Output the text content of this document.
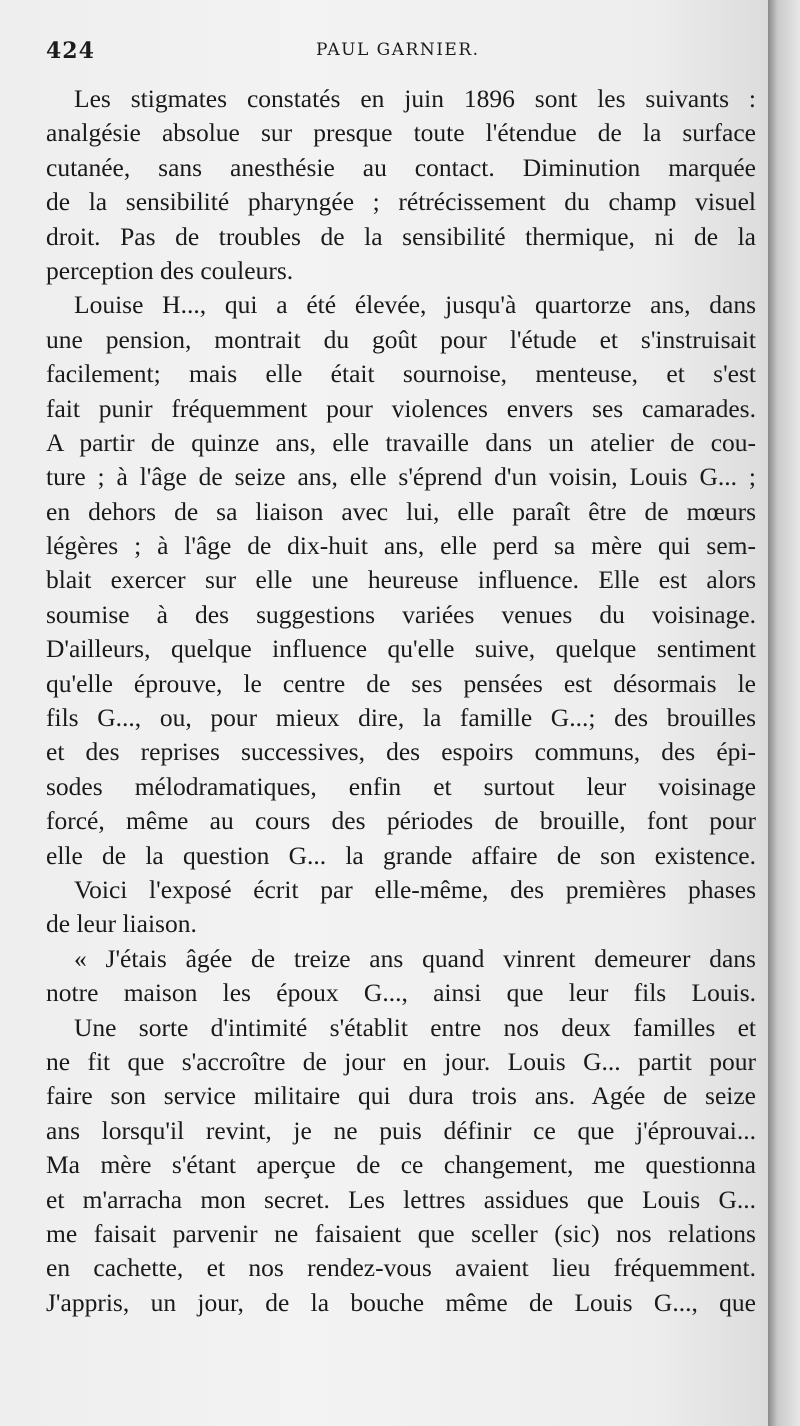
424	PAUL GARNIER.
Les stigmates constatés en juin 1896 sont les suivants :
analgésie absolue sur presque toute l'étendue de la surface
cutanée, sans anesthésie au contact. Diminution marquée
de la sensibilité pharyngée ; rétrécissement du champ visuel
droit. Pas de troubles de la sensibilité thermique, ni de la
perception des couleurs.
Louise H..., qui a été élevée, jusqu'à quartorze ans, dans
une pension, montrait du goût pour l'étude et s'instruisait
facilement; mais elle était sournoise, menteuse, et s'est
fait punir fréquemment pour violences envers ses camarades.
A partir de quinze ans, elle travaille dans un atelier de cou-
ture ; à l'âge de seize ans, elle s'éprend d'un voisin, Louis G... ;
en dehors de sa liaison avec lui, elle paraît être de mœurs
légères ; à l'âge de dix-huit ans, elle perd sa mère qui sem-
blait exercer sur elle une heureuse influence. Elle est alors
soumise à des suggestions variées venues du voisinage.
D'ailleurs, quelque influence qu'elle suive, quelque sentiment
qu'elle éprouve, le centre de ses pensées est désormais le
fils G..., ou, pour mieux dire, la famille G...; des brouilles
et des reprises successives, des espoirs communs, des épi-
sodes mélodramatiques, enfin et surtout leur voisinage
forcé, même au cours des périodes de brouille, font pour
elle de la question G... la grande affaire de son existence.
Voici l'exposé écrit par elle-même, des premières phases
de leur liaison.
« J'étais âgée de treize ans quand vinrent demeurer dans
notre maison les époux G..., ainsi que leur fils Louis.
Une sorte d'intimité s'établit entre nos deux familles et
ne fit que s'accroître de jour en jour. Louis G... partit pour
faire son service militaire qui dura trois ans. Agée de seize
ans lorsqu'il revint, je ne puis définir ce que j'éprouvai...
Ma mère s'étant aperçue de ce changement, me questionna
et m'arracha mon secret. Les lettres assidues que Louis G...
me faisait parvenir ne faisaient que sceller (sic) nos relations
en cachette, et nos rendez-vous avaient lieu fréquemment.
J'appris, un jour, de la bouche même de Louis G..., que
